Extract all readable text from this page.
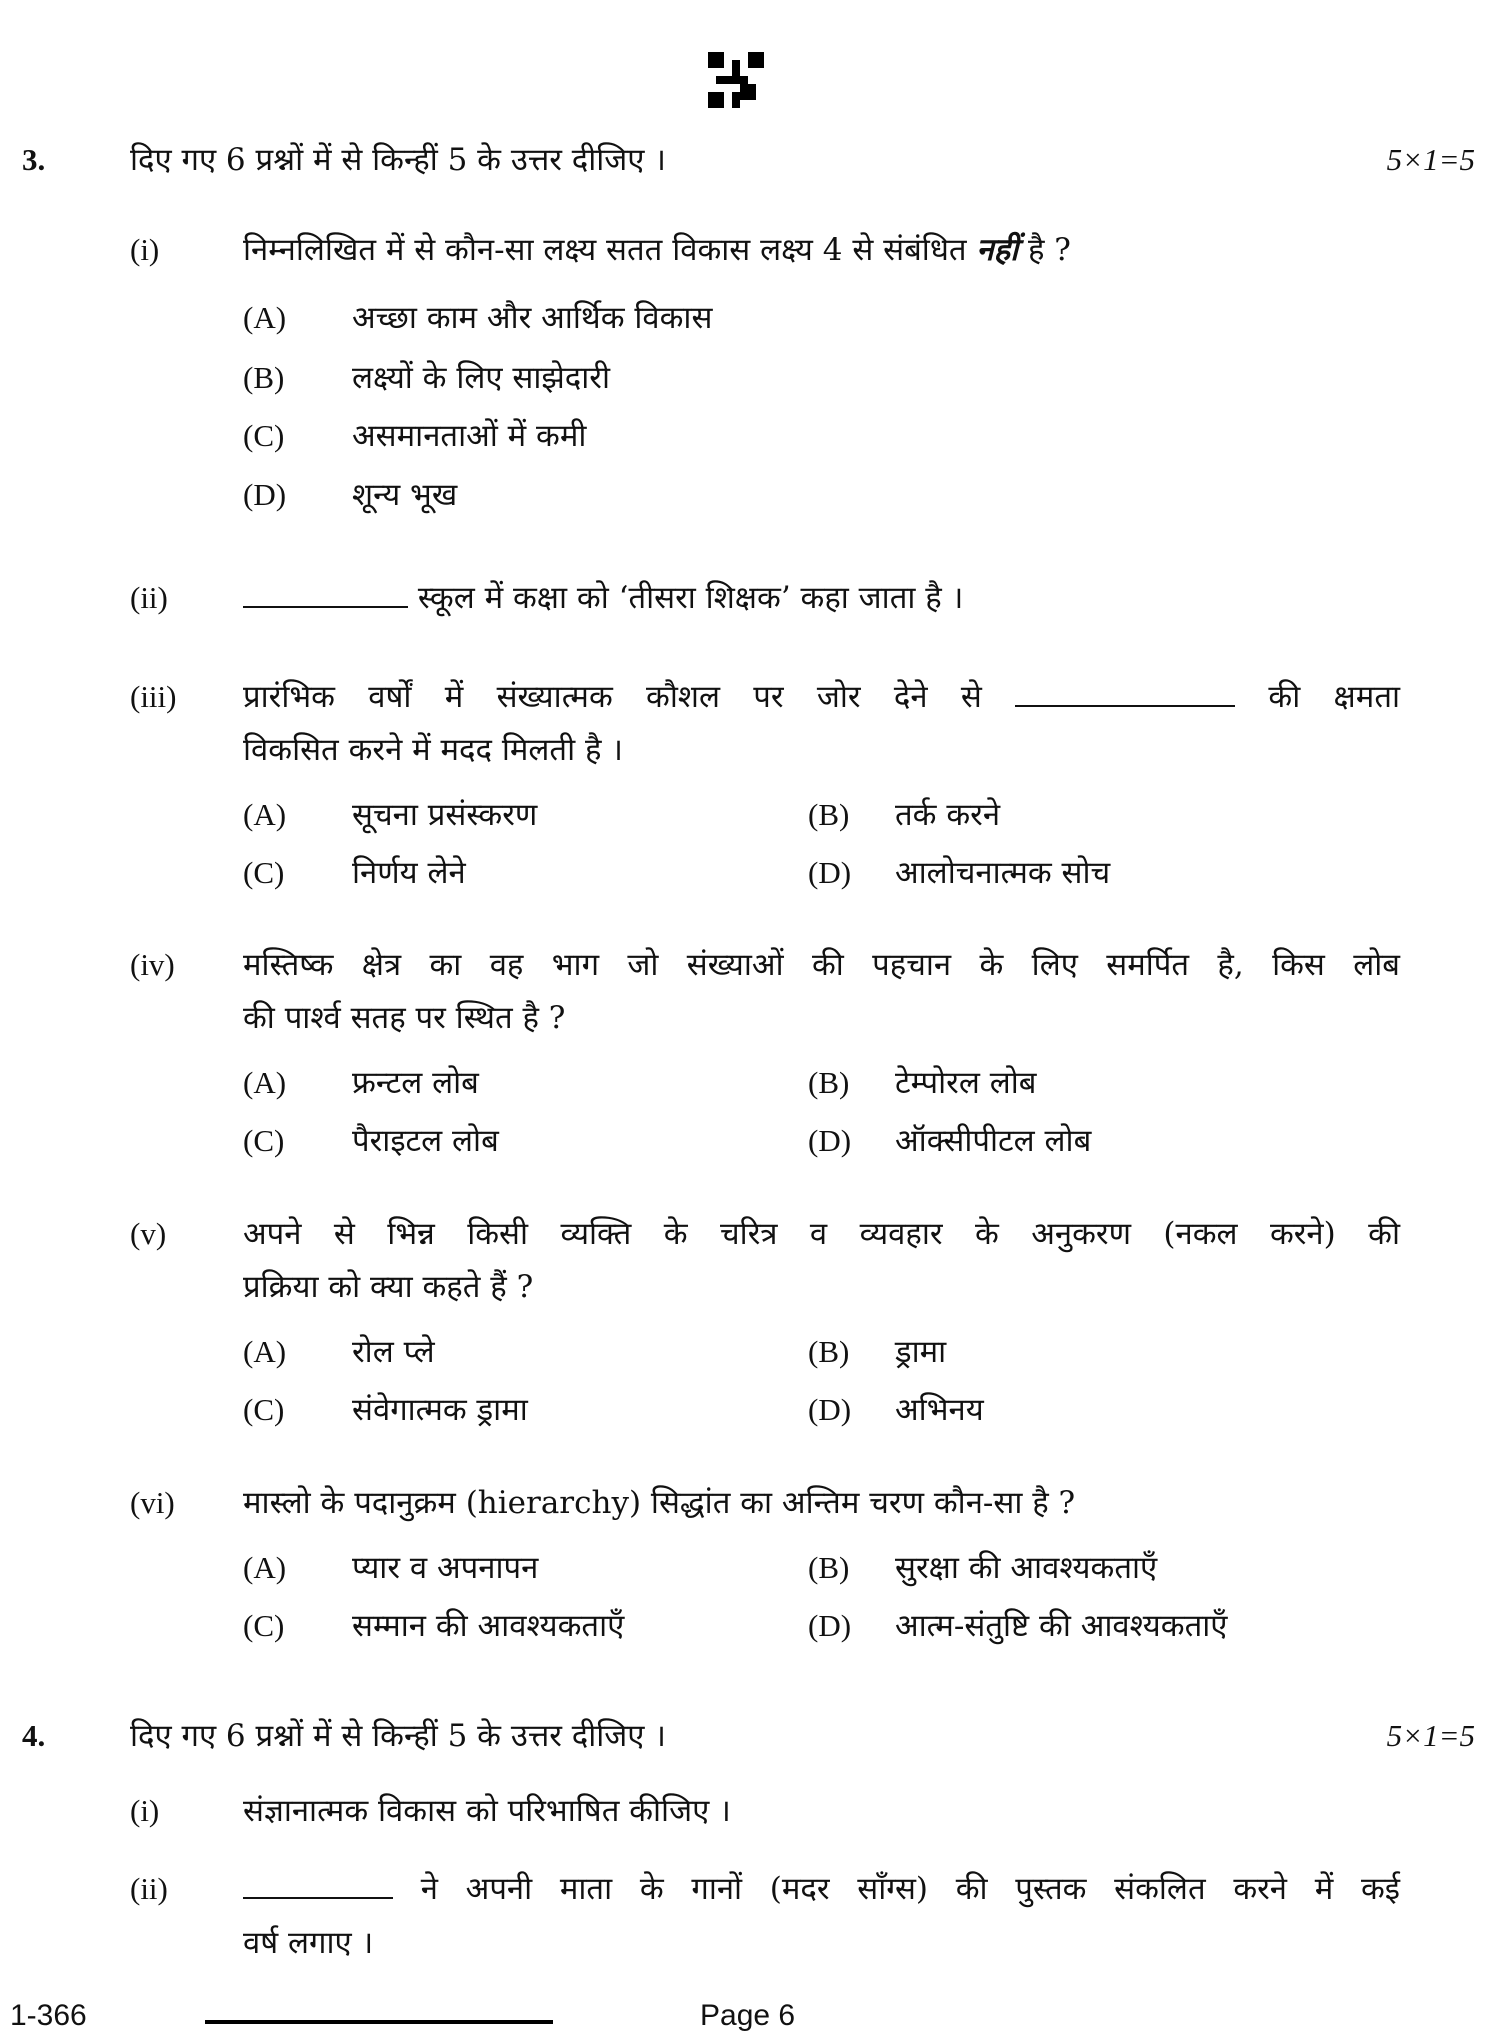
3.	दिए गए 6 प्रश्नों में से किन्हीं 5 के उत्तर दीजिए ।	5×1=5
(i)	निम्नलिखित में से कौन-सा लक्ष्य सतत विकास लक्ष्य 4 से संबंधित नहीं है ?
(A) अच्छा काम और आर्थिक विकास
(B) लक्ष्यों के लिए साझेदारी
(C) असमानताओं में कमी
(D) शून्य भूख
(ii)	स्कूल में कक्षा को ‘तीसरा शिक्षक’ कहा जाता है ।
(iii) प्रारंभिक वर्षों में संख्यात्मक कौशल पर जोर देने से	की क्षमता
विकसित करने में मदद मिलती है ।
(A) सूचना प्रसंस्करण	(B) तर्क करने
(C) निर्णय लेने	(D) आलोचनात्मक सोच
(iv) मस्तिष्क क्षेत्र का वह भाग जो संख्याओं की पहचान के लिए समर्पित है, किस लोब
की पार्श्व सतह पर स्थित है ?
(A) फ्रन्टल लोब	(B) टेम्पोरल लोब
(C) पैराइटल लोब	(D) ऑक्सीपीटल लोब
(v) अपने से भिन्न किसी व्यक्ति के चरित्र व व्यवहार के अनुकरण (नकल करने) की
प्रक्रिया को क्या कहते हैं ?
(A) रोल प्ले	(B) ड्रामा
(C) संवेगात्मक ड्रामा	(D) अभिनय
(vi) मास्लो के पदानुक्रम (hierarchy) सिद्धांत का अन्तिम चरण कौन-सा है ?
(A) प्यार व अपनापन	(B) सुरक्षा की आवश्यकताएँ
(C) सम्मान की आवश्यकताएँ	(D) आत्म-संतुष्टि की आवश्यकताएँ
4.	दिए गए 6 प्रश्नों में से किन्हीं 5 के उत्तर दीजिए ।	5×1=5
(i)	संज्ञानात्मक विकास को परिभाषित कीजिए ।
(ii)	ने अपनी माता के गानों (मदर सॉंग्स) की पुस्तक संकलित करने में कई
वर्ष लगाए ।
1-366	Page 6
